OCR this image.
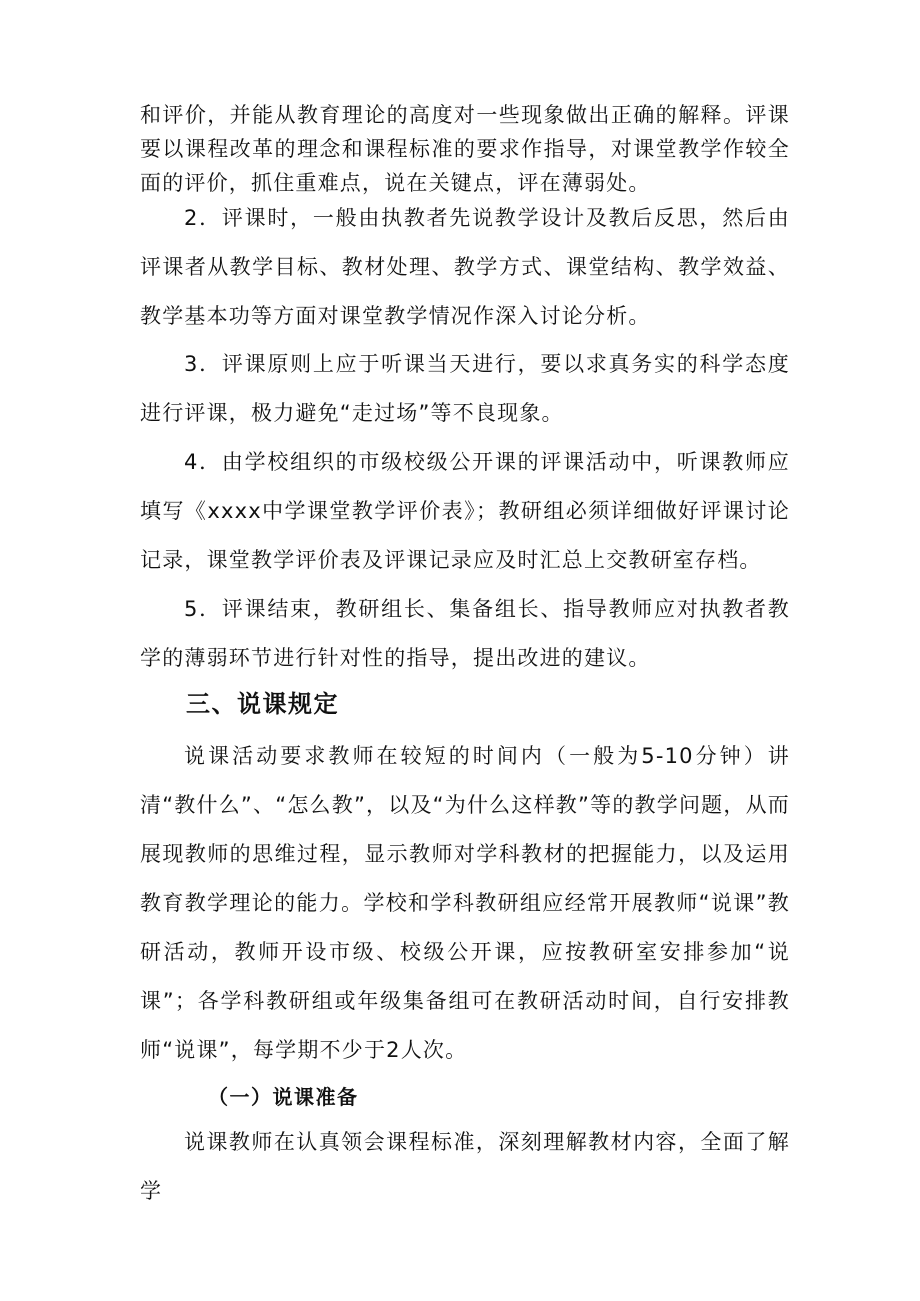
和评价，并能从教育理论的高度对一些现象做出正确的解释。评课要以课程改革的理念和课程标准的要求作指导，对课堂教学作较全面的评价，抓住重难点，说在关键点，评在薄弱处。

2．评课时，一般由执教者先说教学设计及教后反思，然后由评课者从教学目标、教材处理、教学方式、课堂结构、教学效益、教学基本功等方面对课堂教学情况作深入讨论分析。

3．评课原则上应于听课当天进行，要以求真务实的科学态度进行评课，极力避免“走过场”等不良现象。

4．由学校组织的市级校级公开课的评课活动中，听课教师应填写《xxxx中学课堂教学评价表》；教研组必须详细做好评课讨论记录，课堂教学评价表及评课记录应及时汇总上交教研室存档。

5．评课结束，教研组长、集备组长、指导教师应对执教者教学的薄弱环节进行针对性的指导，提出改进的建议。

三、说课规定

说课活动要求教师在较短的时间内（一般为5-10分钟）讲清“教什么”、“怎么教”，以及“为什么这样教”等的教学问题，从而展现教师的思维过程，显示教师对学科教材的把握能力，以及运用教育教学理论的能力。学校和学科教研组应经常开展教师“说课”教研活动，教师开设市级、校级公开课，应按教研室安排参加“说课”；各学科教研组或年级集备组可在教研活动时间，自行安排教师“说课”，每学期不少于2人次。

（一）说课准备

说课教师在认真领会课程标准，深刻理解教材内容，全面了解学
